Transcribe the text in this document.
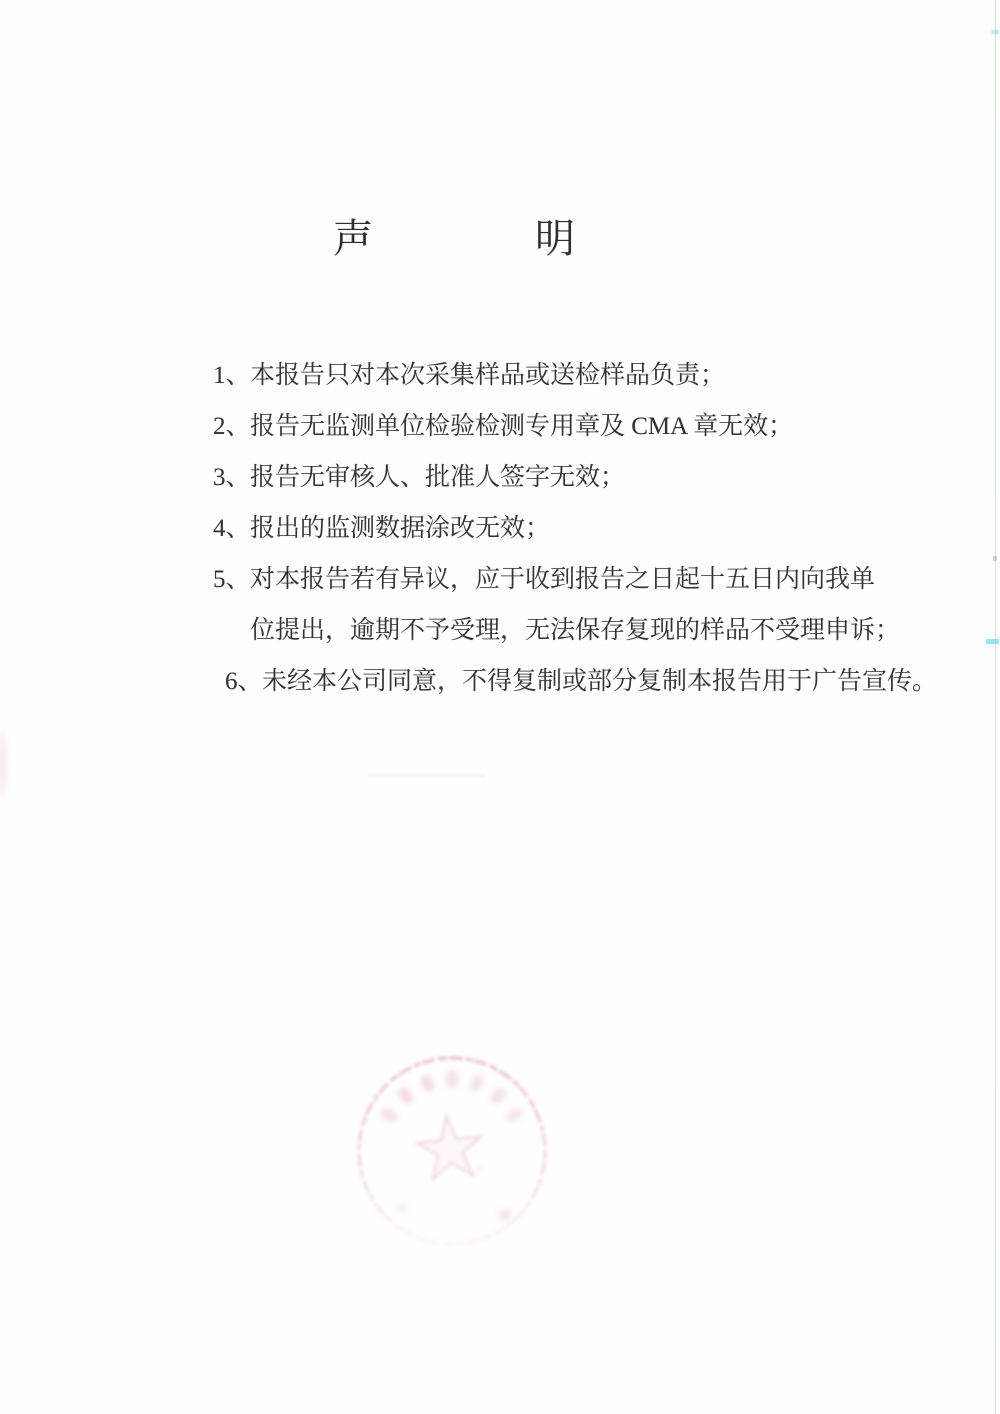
声	明
1、 本报告只对本次采集样品或送检样品负责；
2、 报告无监测单位检验检测专用章及 CMA 章无效；
3、 报告无审核人、批准人签字无效；
4、 报出的监测数据涂改无效；
5、 对本报告若有异议，应于收到报告之日起十五日内向我单
位提出，逾期不予受理，无法保存复现的样品不受理申诉；
6、 未经本公司同意，不得复制或部分复制本报告用于广告宣传。
